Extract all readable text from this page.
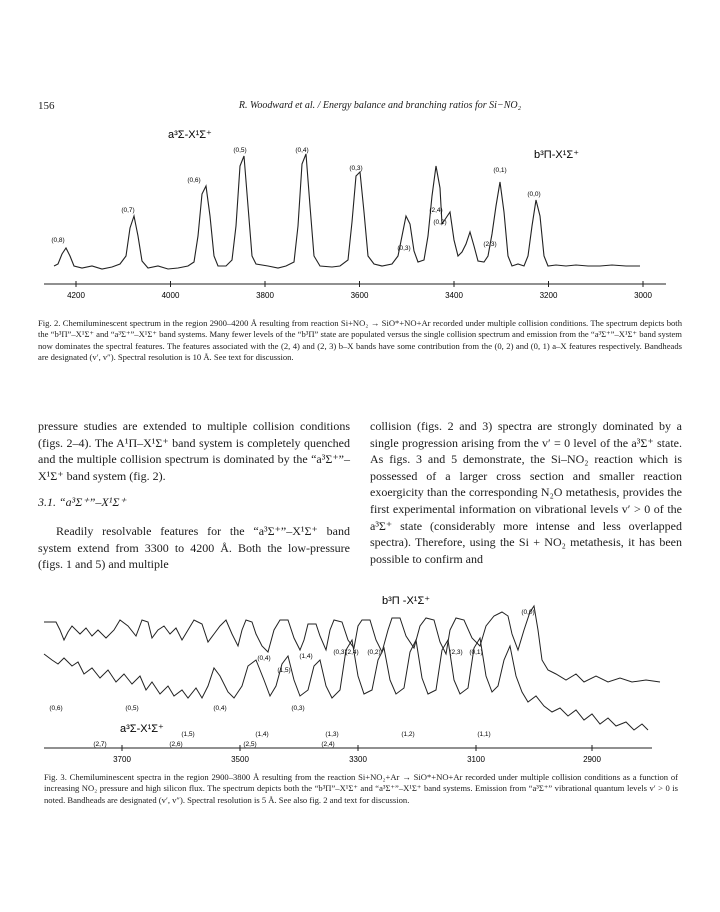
156	R. Woodward et al. / Energy balance and branching ratios for Si−NO₂
a³Σ-X¹Σ⁺
b³Π-X¹Σ⁺
(0,8)
(0,7)
(0,6)
(0,5)	(0,4)
(0,3)
(0,3)
(2,4)
(0,2)
(2,3)
(0,1)
(0,0)
4200	4000	3800	3600	3400	3200	3000
Fig. 2. Chemiluminescent spectrum in the region 2900–4200 Å resulting from reaction Si+NO₂ → SiO*+NO+Ar recorded under multiple collision conditions. The spectrum depicts both the “b³Π”–X¹Σ⁺ and “a³Σ⁺”–X¹Σ⁺ band systems. Many fewer levels of the “b³Π” state are populated versus the single collision spectrum and emission from the “a³Σ⁺”–X¹Σ⁺ band system now dominates the spectral features. The features associated with the (2, 4) and (2, 3) b–X bands have some contribution from the (0, 2) and (0, 1) a–X features respectively. Bandheads are designated (v′, v″). Spectral resolution is 10 Å. See text for discussion.

pressure studies are extended to multiple collision conditions (figs. 2–4). The A¹Π–X¹Σ⁺ band system is completely quenched and the multiple collision spectrum is dominated by the “a³Σ⁺”–X¹Σ⁺ band system (fig. 2).

3.1. “a³Σ⁺”–X¹Σ⁺

Readily resolvable features for the “a³Σ⁺”–X¹Σ⁺ band system extend from 3300 to 4200 Å. Both the low-pressure (figs. 1 and 5) and multiple

collision (figs. 2 and 3) spectra are strongly dominated by a single progression arising from the v′ = 0 level of the a³Σ⁺ state. As figs. 3 and 5 demonstrate, the Si–NO₂ reaction which is possessed of a larger cross section and smaller reaction exoergicity than the corresponding N₂O metathesis, provides the first experimental information on vibrational levels v′ > 0 of the a³Σ⁺ state (considerably more intense and less overlapped spectra). Therefore, using the Si + NO₂ metathesis, it has been possible to confirm and

b³Π -X¹Σ⁺
a³Σ-X¹Σ⁺
(0,0)
(0,3)
(2,4) (0,2)	(2,3) (0,1)
(0,4)	(1,4)
(1,5)
(0,6)	(0,5)	(0,4)	(0,3)
(1,5)	(1,4)	(1,3)	(1,2)	(1,1)
(2,7)	(2,6)	(2,5)	(2,4)
3700	3500	3300	3100	2900
Fig. 3. Chemiluminescent spectra in the region 2900–3800 Å resulting from the reaction Si+NO₂+Ar → SiO*+NO+Ar recorded under multiple collision conditions as a function of increasing NO₂ pressure and high silicon flux. The spectrum depicts both the “b³Π”–X¹Σ⁺ and “a³Σ⁺”–X¹Σ⁺ band systems. Emission from “a³Σ⁺” vibrational quantum levels v′ > 0 is noted. Bandheads are designated (v′, v″). Spectral resolution is 5 Å. See also fig. 2 and text for discussion.
